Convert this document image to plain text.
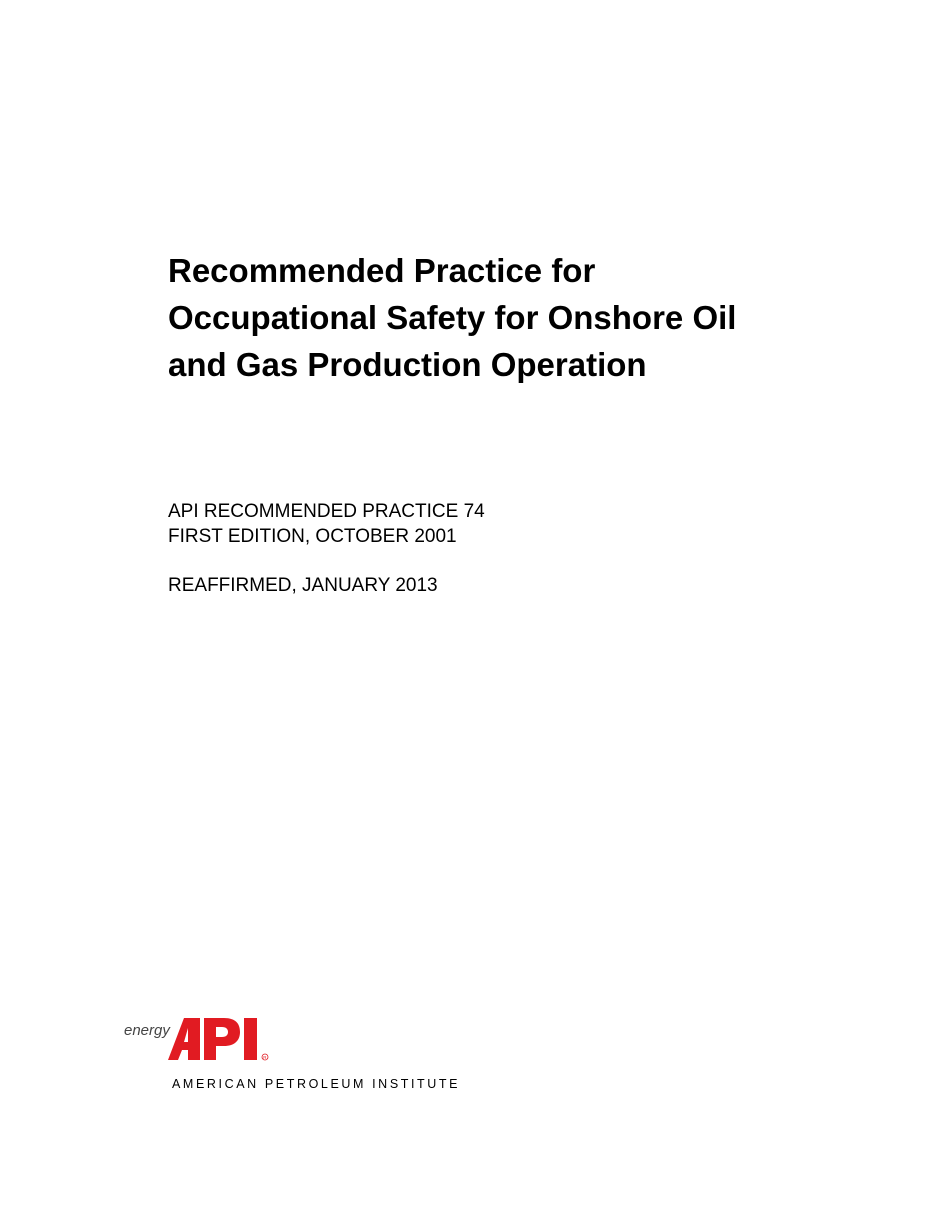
Recommended Practice for
Occupational Safety for Onshore Oil
and Gas Production Operation
API RECOMMENDED PRACTICE 74
FIRST EDITION, OCTOBER 2001
REAFFIRMED, JANUARY 2013
energy
R
AMERICAN PETROLEUM INSTITUTE
